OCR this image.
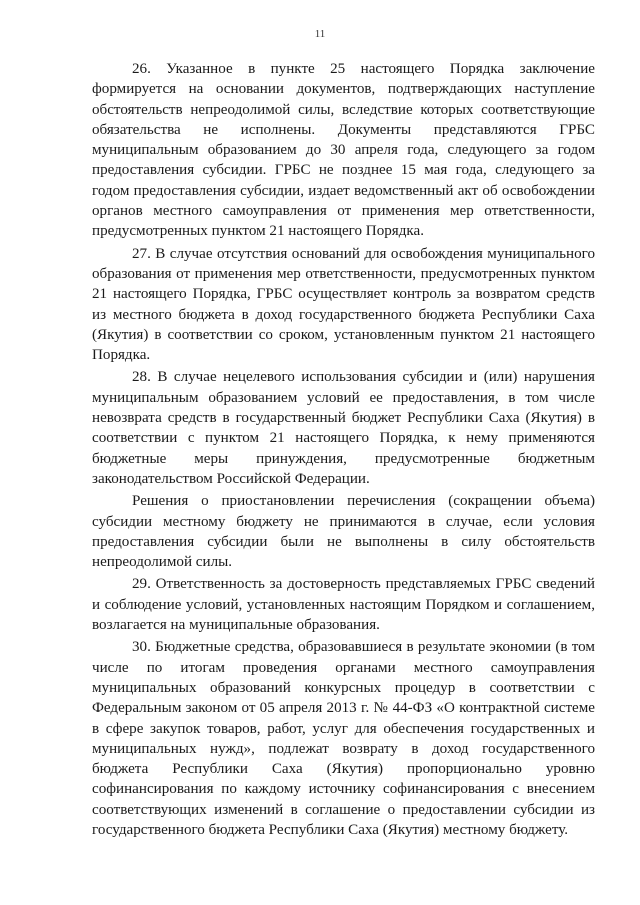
11

26. Указанное в пункте 25 настоящего Порядка заключение формируется на основании документов, подтверждающих наступление обстоятельств непреодолимой силы, вследствие которых соответствующие обязательства не исполнены. Документы представляются ГРБС муниципальным образованием до 30 апреля года, следующего за годом предоставления субсидии. ГРБС не позднее 15 мая года, следующего за годом предоставления субсидии, издает ведомственный акт об освобождении органов местного самоуправления от применения мер ответственности, предусмотренных пунктом 21 настоящего Порядка.

27. В случае отсутствия оснований для освобождения муниципального образования от применения мер ответственности, предусмотренных пунктом 21 настоящего Порядка, ГРБС осуществляет контроль за возвратом средств из местного бюджета в доход государственного бюджета Республики Саха (Якутия) в соответствии со сроком, установленным пунктом 21 настоящего Порядка.

28. В случае нецелевого использования субсидии и (или) нарушения муниципальным образованием условий ее предоставления, в том числе невозврата средств в государственный бюджет Республики Саха (Якутия) в соответствии с пунктом 21 настоящего Порядка, к нему применяются бюджетные меры принуждения, предусмотренные бюджетным законодательством Российской Федерации.

Решения о приостановлении перечисления (сокращении объема) субсидии местному бюджету не принимаются в случае, если условия предоставления субсидии были не выполнены в силу обстоятельств непреодолимой силы.

29. Ответственность за достоверность представляемых ГРБС сведений и соблюдение условий, установленных настоящим Порядком и соглашением, возлагается на муниципальные образования.

30. Бюджетные средства, образовавшиеся в результате экономии (в том числе по итогам проведения органами местного самоуправления муниципальных образований конкурсных процедур в соответствии с Федеральным законом от 05 апреля 2013 г. № 44-ФЗ «О контрактной системе в сфере закупок товаров, работ, услуг для обеспечения государственных и муниципальных нужд», подлежат возврату в доход государственного бюджета Республики Саха (Якутия) пропорционально уровню софинансирования по каждому источнику софинансирования с внесением соответствующих изменений в соглашение о предоставлении субсидии из государственного бюджета Республики Саха (Якутия) местному бюджету.
